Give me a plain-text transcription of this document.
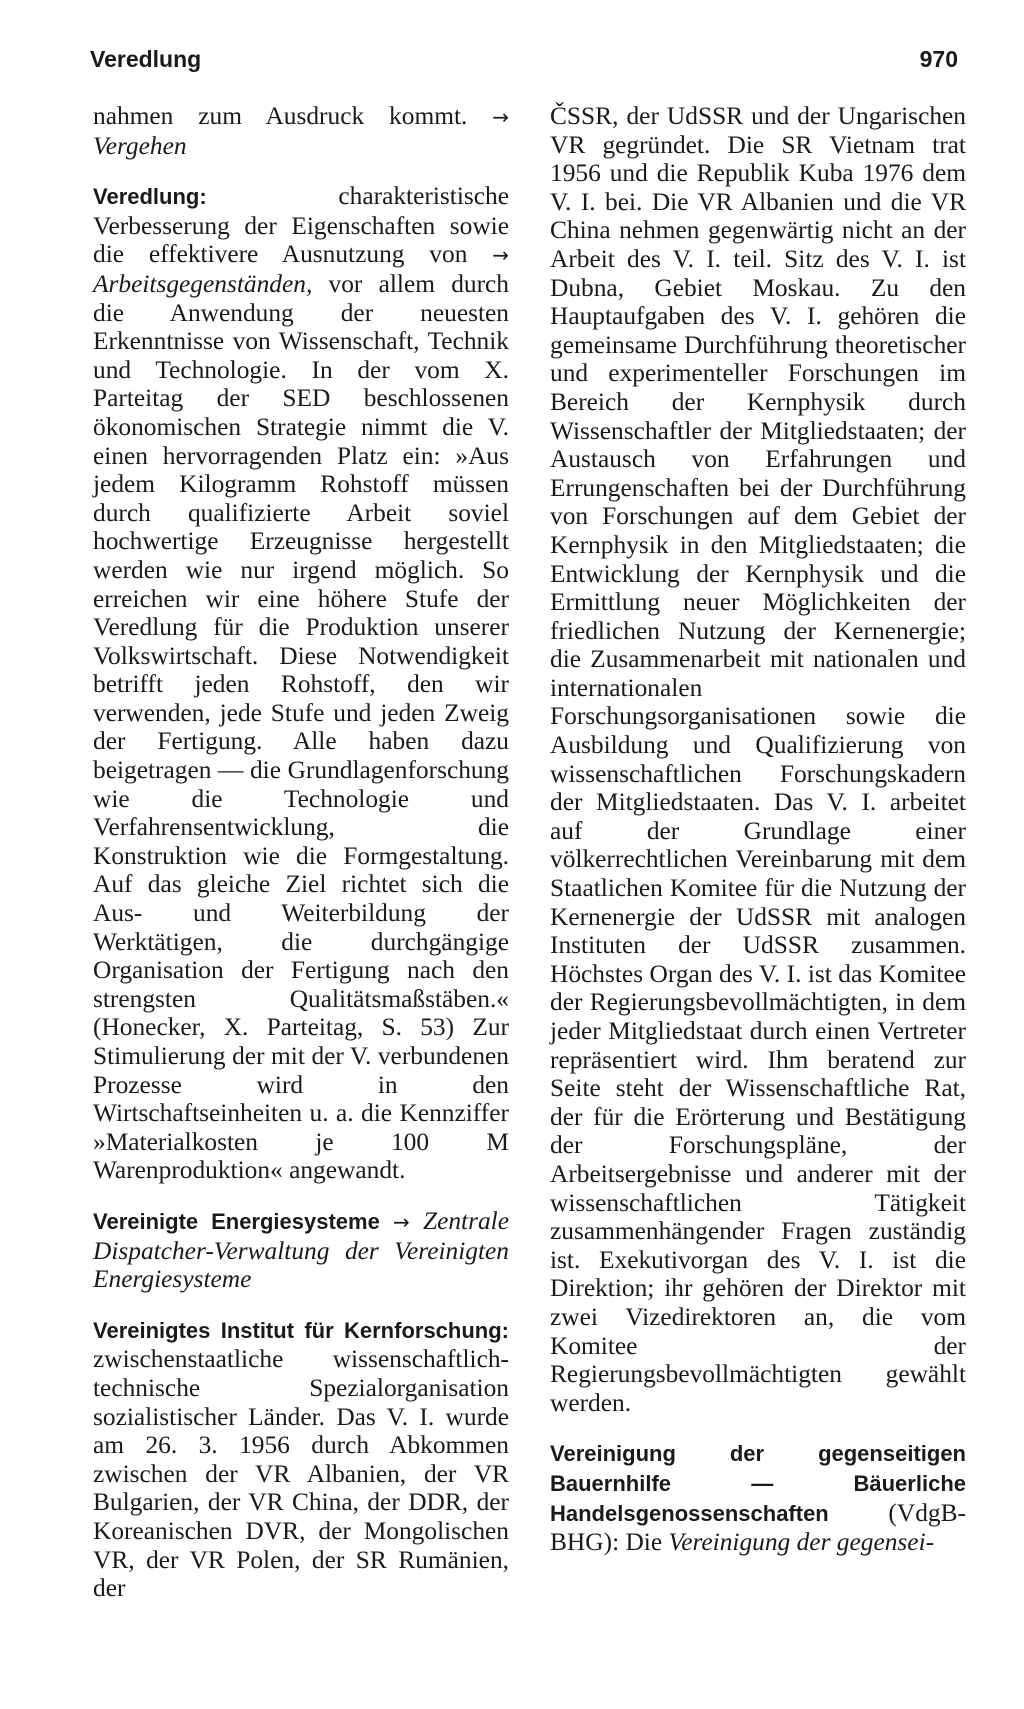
Veredlung	970

nahmen zum Ausdruck kommt. → Vergehen

Veredlung:	charakteristische Verbesserung der Eigenschaften sowie die effektivere Ausnutzung von → Arbeitsgegenständen, vor allem durch die Anwendung der neuesten Erkenntnisse von Wissenschaft, Technik und Technologie. In der vom X. Parteitag der SED beschlossenen ökonomischen Strategie nimmt die V. einen hervorragenden Platz ein: »Aus jedem Kilogramm Rohstoff müssen durch qualifizierte Arbeit soviel hochwertige Erzeugnisse hergestellt werden wie nur irgend möglich. So erreichen wir eine höhere Stufe der Veredlung für die Produktion unserer Volkswirtschaft. Diese Notwendigkeit betrifft jeden Rohstoff, den wir verwenden, jede Stufe und jeden Zweig der Fertigung. Alle haben dazu beigetragen — die Grundlagenforschung wie die Technologie und Verfahrensentwicklung, die Konstruktion wie die Formgestaltung. Auf das gleiche Ziel richtet sich die Aus- und Weiterbildung der Werktätigen, die durchgängige Organisation der Fertigung nach den strengsten Qualitätsmaßstäben.« (Honecker, X. Parteitag, S. 53) Zur Stimulierung der mit der V. verbundenen Prozesse wird in den Wirtschaftseinheiten u. a. die Kennziffer »Materialkosten je 100 M Warenproduktion« angewandt.

Vereinigte Energiesysteme → Zentrale Dispatcher-Verwaltung der Vereinigten Energiesysteme

Vereinigtes Institut für Kernforschung: zwischenstaatliche wissenschaftlich-technische Spezialorganisation sozialistischer Länder. Das V. I. wurde am 26. 3. 1956 durch Abkommen zwischen der VR Albanien, der VR Bulgarien, der VR China, der DDR, der Koreanischen DVR, der Mongolischen VR, der VR Polen, der SR Rumänien, der

ČSSR, der UdSSR und der Ungarischen VR gegründet. Die SR Vietnam trat 1956 und die Republik Kuba 1976 dem V. I. bei. Die VR Albanien und die VR China nehmen gegenwärtig nicht an der Arbeit des V. I. teil. Sitz des V. I. ist Dubna, Gebiet Moskau. Zu den Hauptaufgaben des V. I. gehören die gemeinsame Durchführung theoretischer und experimenteller Forschungen im Bereich der Kernphysik durch Wissenschaftler der Mitgliedstaaten; der Austausch von Erfahrungen und Errungenschaften bei der Durchführung von Forschungen auf dem Gebiet der Kernphysik in den Mitgliedstaaten; die Entwicklung der Kernphysik und die Ermittlung neuer Möglichkeiten der friedlichen Nutzung der Kernenergie; die Zusammenarbeit mit nationalen und internationalen Forschungsorganisationen sowie die Ausbildung und Qualifizierung von wissenschaftlichen Forschungskadern der Mitgliedstaaten. Das V. I. arbeitet auf der Grundlage einer völkerrechtlichen Vereinbarung mit dem Staatlichen Komitee für die Nutzung der Kernenergie der UdSSR mit analogen Instituten der UdSSR zusammen. Höchstes Organ des V. I. ist das Komitee der Regierungsbevollmächtigten, in dem jeder Mitgliedstaat durch einen Vertreter repräsentiert wird. Ihm beratend zur Seite steht der Wissenschaftliche Rat, der für die Erörterung und Bestätigung der Forschungspläne, der Arbeitsergebnisse und anderer mit der wissenschaftlichen Tätigkeit zusammenhängender Fragen zuständig ist. Exekutivorgan des V. I. ist die Direktion; ihr gehören der Direktor mit zwei Vizedirektoren an, die vom Komitee der Regierungsbevollmächtigten gewählt werden.

Vereinigung der gegenseitigen Bauernhilfe — Bäuerliche Handelsgenossenschaften (VdgB-BHG): Die Vereinigung der gegensei-
